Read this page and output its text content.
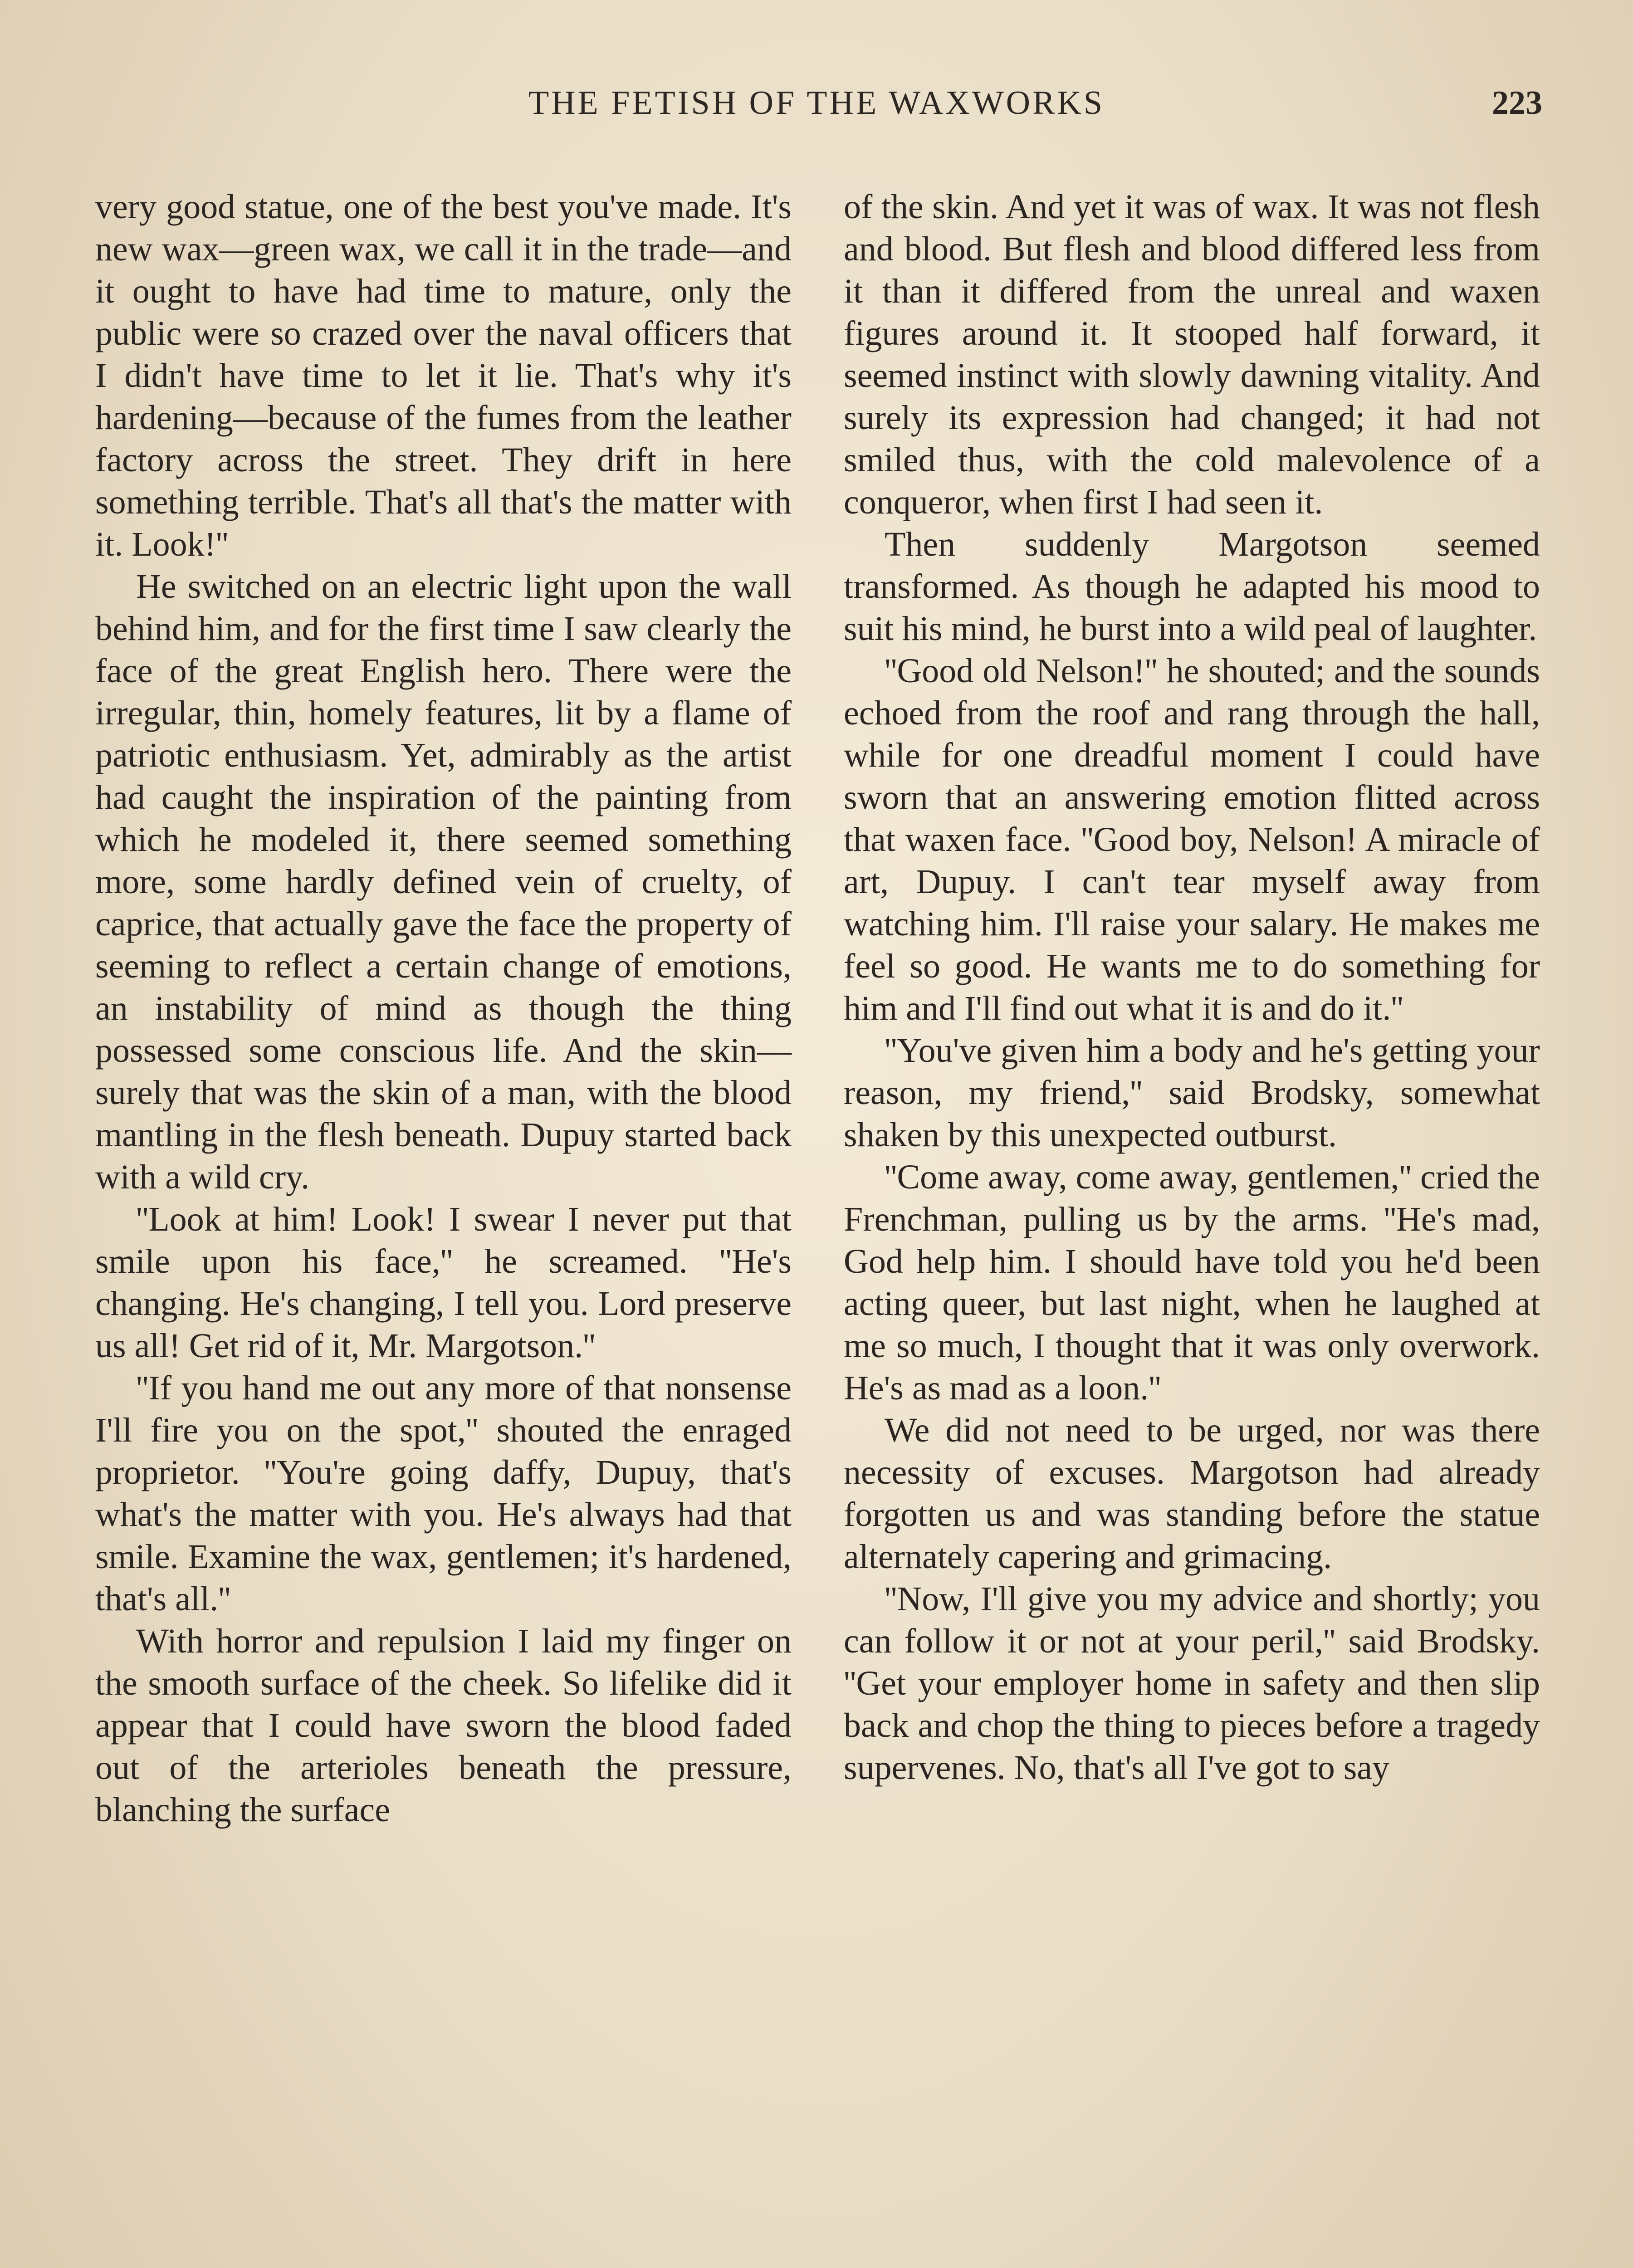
THE FETISH OF THE WAXWORKS	223

very good statue, one of the best you've made. It's new wax—green wax, we call it in the trade—and it ought to have had time to mature, only the public were so crazed over the naval officers that I didn't have time to let it lie. That's why it's hardening—because of the fumes from the leather factory across the street. They drift in here something terrible. That's all that's the matter with it. Look!''

He switched on an electric light upon the wall behind him, and for the first time I saw clearly the face of the great English hero. There were the irregular, thin, homely features, lit by a flame of patriotic enthusiasm. Yet, admirably as the artist had caught the inspiration of the painting from which he modeled it, there seemed something more, some hardly defined vein of cruelty, of caprice, that actually gave the face the property of seeming to reflect a certain change of emotions, an instability of mind as though the thing possessed some conscious life. And the skin—surely that was the skin of a man, with the blood mantling in the flesh beneath. Dupuy started back with a wild cry.

''Look at him! Look! I swear I never put that smile upon his face,'' he screamed. ''He's changing. He's changing, I tell you. Lord preserve us all! Get rid of it, Mr. Margotson.''

''If you hand me out any more of that nonsense I'll fire you on the spot,'' shouted the enraged proprietor. ''You're going daffy, Dupuy, that's what's the matter with you. He's always had that smile. Examine the wax, gentlemen; it's hardened, that's all.''

With horror and repulsion I laid my finger on the smooth surface of the cheek. So lifelike did it appear that I could have sworn the blood faded out of the arterioles beneath the pressure, blanching the surface

of the skin. And yet it was of wax. It was not flesh and blood. But flesh and blood differed less from it than it differed from the unreal and waxen figures around it. It stooped half forward, it seemed instinct with slowly dawning vitality. And surely its expression had changed; it had not smiled thus, with the cold malevolence of a conqueror, when first I had seen it.

Then suddenly Margotson seemed transformed. As though he adapted his mood to suit his mind, he burst into a wild peal of laughter.

''Good old Nelson!'' he shouted; and the sounds echoed from the roof and rang through the hall, while for one dreadful moment I could have sworn that an answering emotion flitted across that waxen face. ''Good boy, Nelson! A miracle of art, Dupuy. I can't tear myself away from watching him. I'll raise your salary. He makes me feel so good. He wants me to do something for him and I'll find out what it is and do it.''

''You've given him a body and he's getting your reason, my friend,'' said Brodsky, somewhat shaken by this unexpected outburst.

''Come away, come away, gentlemen,'' cried the Frenchman, pulling us by the arms. ''He's mad, God help him. I should have told you he'd been acting queer, but last night, when he laughed at me so much, I thought that it was only overwork. He's as mad as a loon.''

We did not need to be urged, nor was there necessity of excuses. Margotson had already forgotten us and was standing before the statue alternately capering and grimacing.

''Now, I'll give you my advice and shortly; you can follow it or not at your peril,'' said Brodsky. ''Get your employer home in safety and then slip back and chop the thing to pieces before a tragedy supervenes. No, that's all I've got to say
